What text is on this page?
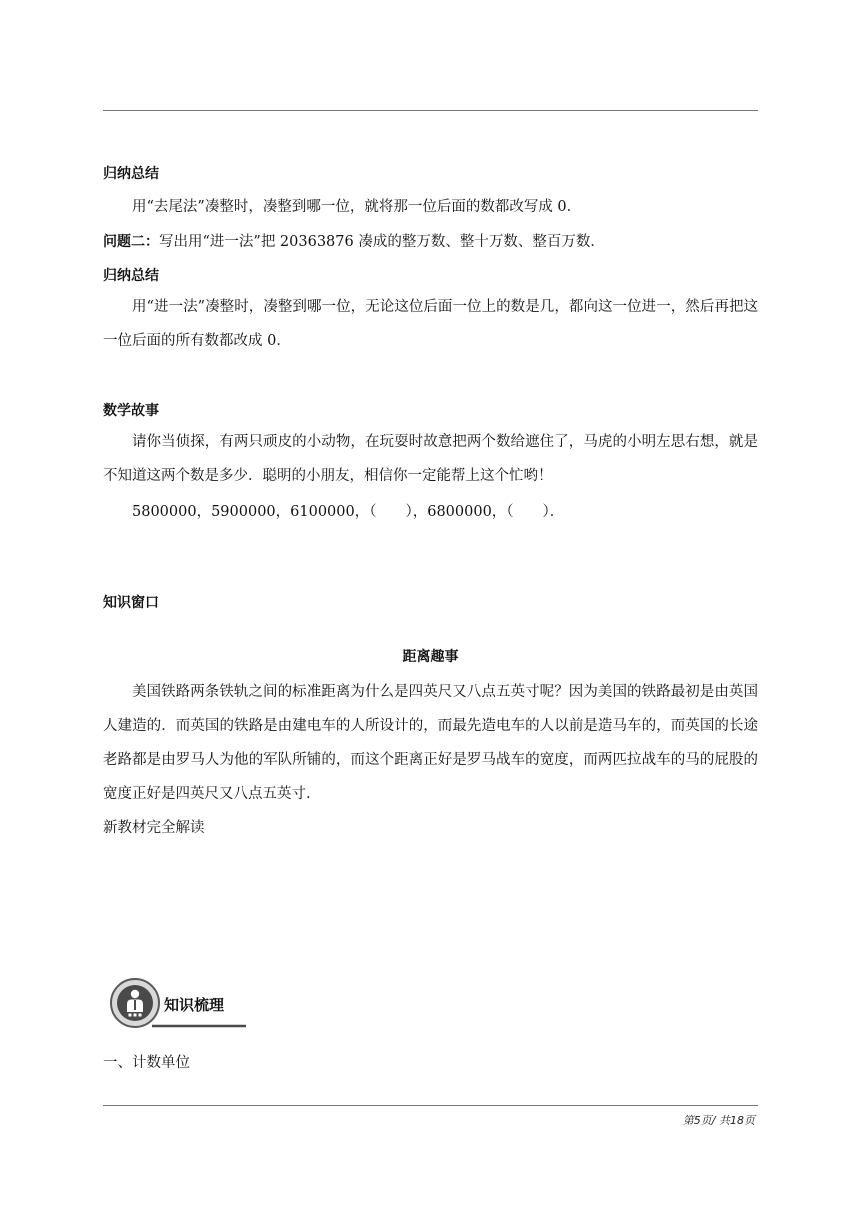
归纳总结
用“去尾法”凑整时，凑整到哪一位，就将那一位后面的数都改写成 0．
问题二：写出用“进一法”把 20363876 凑成的整万数、整十万数、整百万数．
归纳总结
用“进一法”凑整时，凑整到哪一位，无论这位后面一位上的数是几，都向这一位进一，然后再把这一位后面的所有数都改成 0．
数学故事
请你当侦探，有两只顽皮的小动物，在玩耍时故意把两个数给遮住了，马虎的小明左思右想，就是不知道这两个数是多少．聪明的小朋友，相信你一定能帮上这个忙哟！
5800000，5900000，6100000，（　　），6800000，（　　）．
知识窗口
距离趣事
美国铁路两条铁轨之间的标准距离为什么是四英尺又八点五英寸呢？因为美国的铁路最初是由英国人建造的．而英国的铁路是由建电车的人所设计的，而最先造电车的人以前是造马车的，而英国的长途老路都是由罗马人为他的军队所铺的，而这个距离正好是罗马战车的宽度，而两匹拉战车的马的屁股的宽度正好是四英尺又八点五英寸．
新教材完全解读
知识梳理
一、计数单位
第5页/ 共18页
